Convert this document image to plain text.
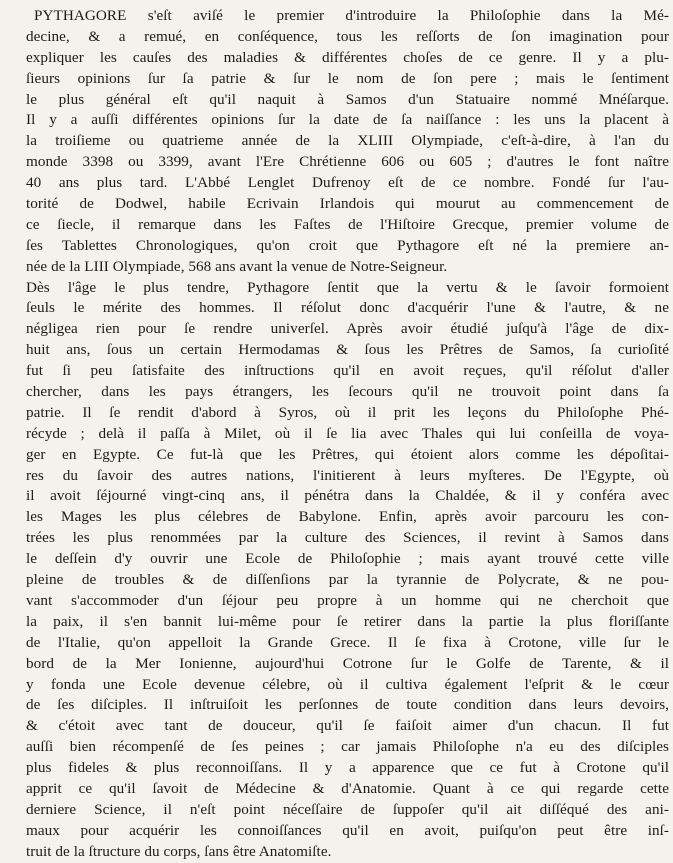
PYTHAGORE s'eſt aviſé le premier d'introduire la Philoſophie dans la Mé-
decine, & a remué, en conſéquence, tous les reſſorts de ſon imagination pour
expliquer les cauſes des maladies & différentes choſes de ce genre. Il y a plu-
ſieurs opinions ſur ſa patrie & ſur le nom de ſon pere ; mais le ſentiment
le plus général eſt qu'il naquit à Samos d'un Statuaire nommé Mnéſarque.
Il y a auſſi différentes opinions ſur la date de ſa naiſſance : les uns la placent à
la troiſieme ou quatrieme année de la XLIII Olympiade, c'eſt-à-dire, à l'an du
monde 3398 ou 3399, avant l'Ere Chrétienne 606 ou 605 ; d'autres le font naître
40 ans plus tard. L'Abbé Lenglet Dufrenoy eſt de ce nombre. Fondé ſur l'au-
torité de Dodwel, habile Ecrivain Irlandois qui mourut au commencement de
ce ſiecle, il remarque dans les Faſtes de l'Hiſtoire Grecque, premier volume de
ſes Tablettes Chronologiques, qu'on croit que Pythagore eſt né la premiere an-
née de la LIII Olympiade, 568 ans avant la venue de Notre-Seigneur.
Dès l'âge le plus tendre, Pythagore ſentit que la vertu & le ſavoir formoient
ſeuls le mérite des hommes. Il réſolut donc d'acquérir l'une & l'autre, & ne
négligea rien pour ſe rendre univerſel. Après avoir étudié juſqu'à l'âge de dix-
huit ans, ſous un certain Hermodamas & ſous les Prêtres de Samos, ſa curioſité
fut ſi peu ſatisfaite des inſtructions qu'il en avoit reçues, qu'il réſolut d'aller
chercher, dans les pays étrangers, les ſecours qu'il ne trouvoit point dans ſa
patrie. Il ſe rendit d'abord à Syros, où il prit les leçons du Philoſophe Phé-
récyde ; delà il paſſa à Milet, où il ſe lia avec Thales qui lui conſeilla de voya-
ger en Egypte. Ce fut-là que les Prêtres, qui étoient alors comme les dépoſitai-
res du ſavoir des autres nations, l'initierent à leurs myſteres. De l'Egypte, où
il avoit ſéjourné vingt-cinq ans, il pénétra dans la Chaldée, & il y conféra avec
les Mages les plus célebres de Babylone. Enfin, après avoir parcouru les con-
trées les plus renommées par la culture des Sciences, il revint à Samos dans
le deſſein d'y ouvrir une Ecole de Philoſophie ; mais ayant trouvé cette ville
pleine de troubles & de diſſenſions par la tyrannie de Polycrate, & ne pou-
vant s'accommoder d'un ſéjour peu propre à un homme qui ne cherchoit que
la paix, il s'en bannit lui-même pour ſe retirer dans la partie la plus floriſſante
de l'Italie, qu'on appelloit la Grande Grece. Il ſe fixa à Crotone, ville ſur le
bord de la Mer Ionienne, aujourd'hui Cotrone ſur le Golfe de Tarente, & il
y fonda une Ecole devenue célebre, où il cultiva également l'eſprit & le cœur
de ſes diſciples. Il inſtruiſoit les perſonnes de toute condition dans leurs devoirs,
& c'étoit avec tant de douceur, qu'il ſe faiſoit aimer d'un chacun. Il fut
auſſi bien récompenſé de ſes peines ; car jamais Philoſophe n'a eu des diſciples
plus fideles & plus reconnoiſſans. Il y a apparence que ce fut à Crotone qu'il
apprit ce qu'il ſavoit de Médecine & d'Anatomie. Quant à ce qui regarde cette
derniere Science, il n'eſt point néceſſaire de ſuppoſer qu'il ait diſſéqué des ani-
maux pour acquérir les connoiſſances qu'il en avoit, puiſqu'on peut être inſ-
truit de la ſtructure du corps, ſans être Anatomiſte.
